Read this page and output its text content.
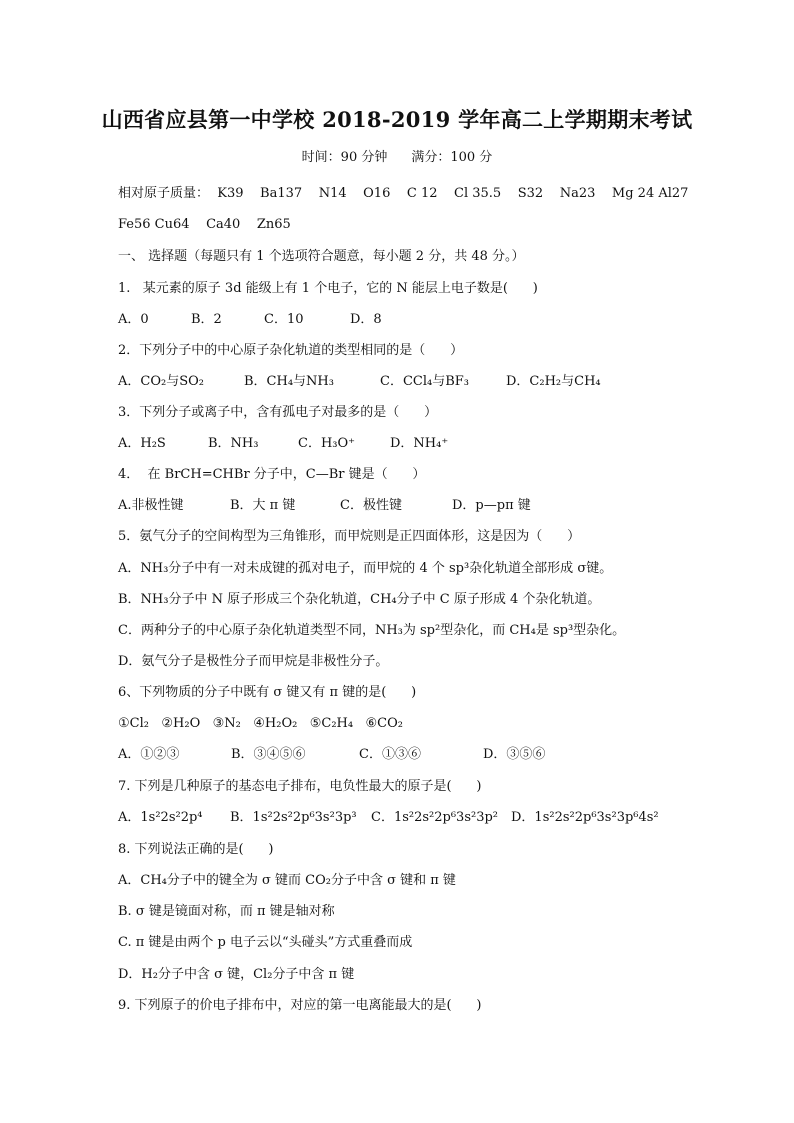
山西省应县第一中学校 2018-2019 学年高二上学期期末考试
时间：90 分钟 满分：100 分
相对原子质量：  K39    Ba137    N14    O16    C 12    Cl 35.5    S32    Na23    Mg 24 Al27
Fe56 Cu64    Ca40    Zn65
一、 选择题（每题只有 1 个选项符合题意，每小题 2 分，共 48 分。）
1.   某元素的原子 3d 能级上有 1 个电子，它的 N 能层上电子数是(      )
A．0	B．2	C．10	D．8
2．下列分子中的中心原子杂化轨道的类型相同的是（      ）
A．CO₂与SO₂	B．CH₄与NH₃	C．CCl₄与BF₃	D．C₂H₂与CH₄
3．下列分子或离子中，含有孤电子对最多的是（      ）
A．H₂S	B．NH₃	C．H₃O⁺	D．NH₄⁺
4．  在 BrCH=CHBr 分子中，C—Br 键是（      ）
A.非极性键	B．大 π 键	C．极性键	D．p—pπ 键
5．氨气分子的空间构型为三角锥形，而甲烷则是正四面体形，这是因为（      ）
A．NH₃分子中有一对未成键的孤对电子，而甲烷的 4 个 sp³杂化轨道全部形成 σ键。
B．NH₃分子中 N 原子形成三个杂化轨道，CH₄分子中 C 原子形成 4 个杂化轨道。
C．两种分子的中心原子杂化轨道类型不同，NH₃为 sp²型杂化，而 CH₄是 sp³型杂化。
D．氨气分子是极性分子而甲烷是非极性分子。
6、下列物质的分子中既有 σ 键又有 π 键的是(      )
①Cl₂   ②H₂O   ③N₂   ④H₂O₂   ⑤C₂H₄   ⑥CO₂
A．①②③	B．③④⑤⑥	C．①③⑥	D．③⑤⑥
7. 下列是几种原子的基态电子排布，电负性最大的原子是(      )
A．1s²2s²2p⁴ B．1s²2s²2p⁶3s²3p³ C．1s²2s²2p⁶3s²3p² D．1s²2s²2p⁶3s²3p⁶4s²
8. 下列说法正确的是(      )
A．CH₄分子中的键全为 σ 键而 CO₂分子中含 σ 键和 π 键
B. σ 键是镜面对称，而 π 键是轴对称
C. π 键是由两个 p 电子云以“头碰头”方式重叠而成
D．H₂分子中含 σ 键，Cl₂分子中含 π 键
9. 下列原子的价电子排布中，对应的第一电离能最大的是(      )
